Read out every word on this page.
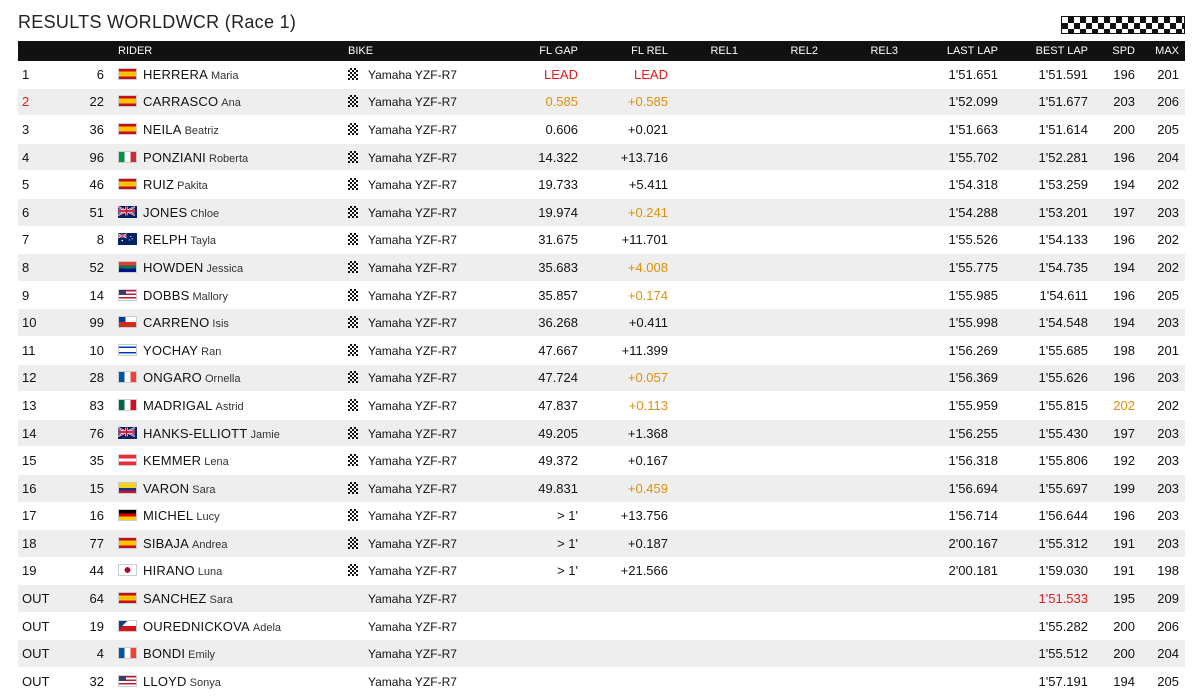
RESULTS WORLDWCR (Race 1)
		RIDER	BIKE	FL GAP	FL REL	REL1	REL2	REL3	LAST LAP	BEST LAP	SPD	MAX
1	6	HERRERA Maria	Yamaha YZF-R7	LEAD	LEAD				1'51.651	1'51.591	196	201
2	22	CARRASCO Ana	Yamaha YZF-R7	0.585	+0.585				1'52.099	1'51.677	203	206
3	36	NEILA Beatriz	Yamaha YZF-R7	0.606	+0.021				1'51.663	1'51.614	200	205
4	96	PONZIANI Roberta	Yamaha YZF-R7	14.322	+13.716				1'55.702	1'52.281	196	204
5	46	RUIZ Pakita	Yamaha YZF-R7	19.733	+5.411				1'54.318	1'53.259	194	202
6	51	JONES Chloe	Yamaha YZF-R7	19.974	+0.241				1'54.288	1'53.201	197	203
7	8	RELPH Tayla	Yamaha YZF-R7	31.675	+11.701				1'55.526	1'54.133	196	202
8	52	HOWDEN Jessica	Yamaha YZF-R7	35.683	+4.008				1'55.775	1'54.735	194	202
9	14	DOBBS Mallory	Yamaha YZF-R7	35.857	+0.174				1'55.985	1'54.611	196	205
10	99	CARRENO Isis	Yamaha YZF-R7	36.268	+0.411				1'55.998	1'54.548	194	203
11	10	YOCHAY Ran	Yamaha YZF-R7	47.667	+11.399				1'56.269	1'55.685	198	201
12	28	ONGARO Ornella	Yamaha YZF-R7	47.724	+0.057				1'56.369	1'55.626	196	203
13	83	MADRIGAL Astrid	Yamaha YZF-R7	47.837	+0.113				1'55.959	1'55.815	202	202
14	76	HANKS-ELLIOTT Jamie	Yamaha YZF-R7	49.205	+1.368				1'56.255	1'55.430	197	203
15	35	KEMMER Lena	Yamaha YZF-R7	49.372	+0.167				1'56.318	1'55.806	192	203
16	15	VARON Sara	Yamaha YZF-R7	49.831	+0.459				1'56.694	1'55.697	199	203
17	16	MICHEL Lucy	Yamaha YZF-R7	> 1'	+13.756				1'56.714	1'56.644	196	203
18	77	SIBAJA Andrea	Yamaha YZF-R7	> 1'	+0.187				2'00.167	1'55.312	191	203
19	44	HIRANO Luna	Yamaha YZF-R7	> 1'	+21.566				2'00.181	1'59.030	191	198
OUT	64	SANCHEZ Sara	Yamaha YZF-R7							1'51.533	195	209
OUT	19	OUREDNICKOVA Adela	Yamaha YZF-R7							1'55.282	200	206
OUT	4	BONDI Emily	Yamaha YZF-R7							1'55.512	200	204
OUT	32	LLOYD Sonya	Yamaha YZF-R7							1'57.191	194	205
